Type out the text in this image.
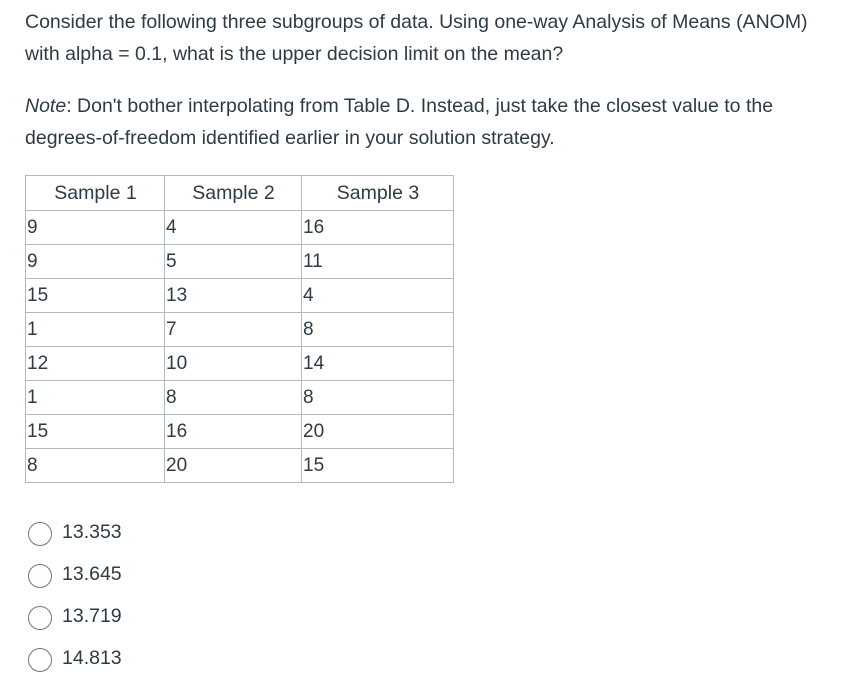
Consider the following three subgroups of data. Using one-way Analysis of Means (ANOM) with alpha = 0.1, what is the upper decision limit on the mean?

Note: Don't bother interpolating from Table D. Instead, just take the closest value to the degrees-of-freedom identified earlier in your solution strategy.

Sample 1	Sample 2	Sample 3
9	4	16
9	5	11
15	13	4
1	7	8
12	10	14
1	8	8
15	16	20
8	20	15
13.353
13.645
13.719
14.813
